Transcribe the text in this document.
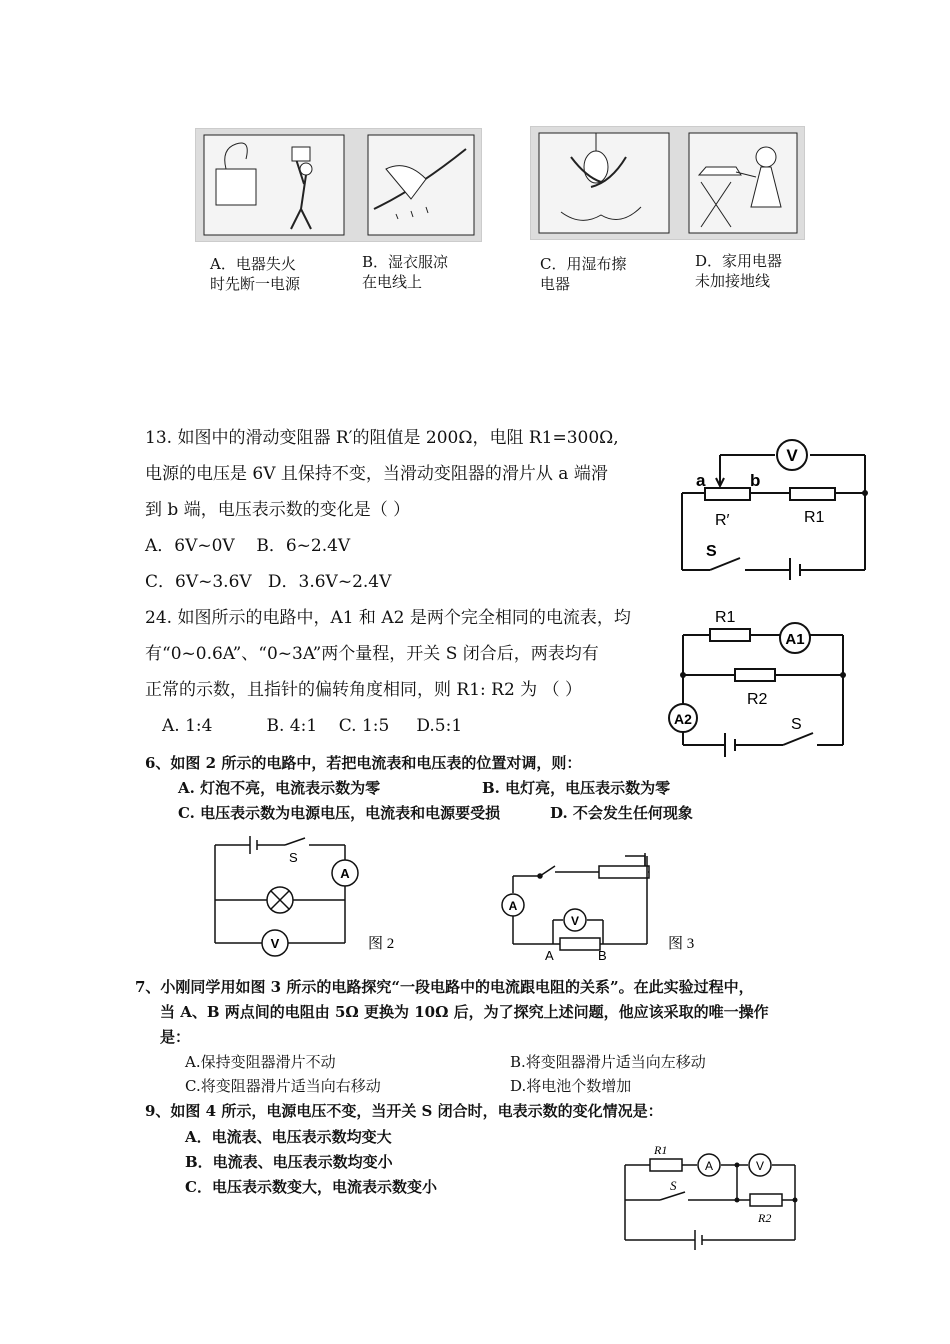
A．电器失火
时先断一电源
B．湿衣服凉
在电线上
C．用湿布擦
电器
D．家用电器
未加接地线
13. 如图中的滑动变阻器 R′的阻值是 200Ω，电阻 R1=300Ω,
电源的电压是 6V 且保持不变，当滑动变阻器的滑片从 a 端滑
到 b 端，电压表示数的变化是（ ）
A．6V~0V B．6~2.4V
C．6V~3.6V D．3.6V~2.4V
V
a	b
R′	R1
S
24. 如图所示的电路中，A1 和 A2 是两个完全相同的电流表，均
有“0~0.6A”、“0~3A”两个量程，开关 S 闭合后，两表均有
正常的示数，且指针的偏转角度相同，则 R1: R2 为 （ ）
A. 1:4          B. 4:1    C. 1:5     D.5:1
R1
A1
R2
A2	S
6、如图 2 所示的电路中，若把电流表和电压表的位置对调，则：
A. 灯泡不亮，电流表示数为零	B. 电灯亮，电压表示数为零
C. 电压表示数为电源电压，电流表和电源要受损	D. 不会发生任何现象
S
A
V	图 2
A
V
A	B
图 3
7、小刚同学用如图 3 所示的电路探究“一段电路中的电流跟电阻的关系”。在此实验过程中，
当 A、B 两点间的电阻由 5Ω 更换为 10Ω 后，为了探究上述问题，他应该采取的唯一操作
是：
A.保持变阻器滑片不动	B.将变阻器滑片适当向左移动
C.将变阻器滑片适当向右移动	D.将电池个数增加
9、如图 4 所示，电源电压不变，当开关 S 闭合时，电表示数的变化情况是：
A．电流表、电压表示数均变大
B．电流表、电压表示数均变小
C．电压表示数变大，电流表示数变小
R1
A	V
S
R2
